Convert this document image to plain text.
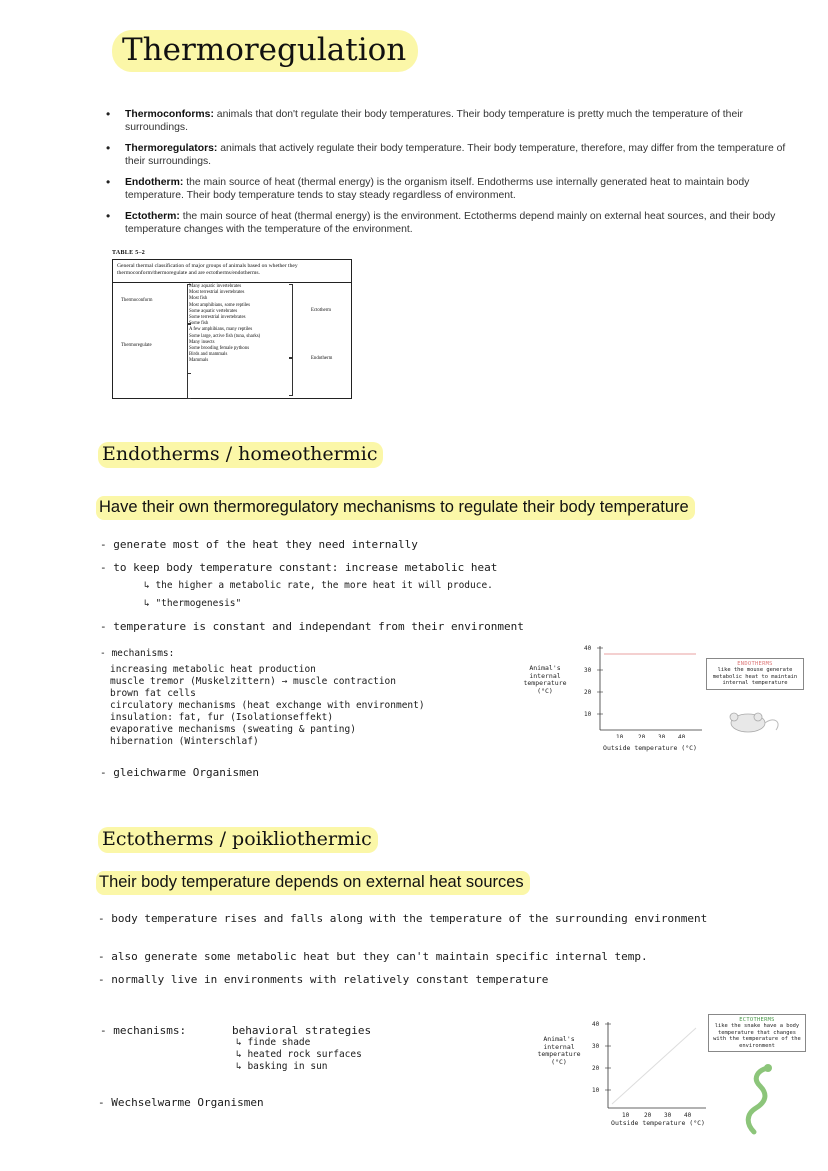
Thermoregulation
• Thermoconforms: animals that don't regulate their body temperatures. Their body temperature is pretty much the temperature of their surroundings.
• Thermoregulators: animals that actively regulate their body temperature. Their body temperature, therefore, may differ from the temperature of their surroundings.
• Endotherm: the main source of heat (thermal energy) is the organism itself. Endotherms use internally generated heat to maintain body temperature. Their body temperature tends to stay steady regardless of environment.
• Ectotherm: the main source of heat (thermal energy) is the environment. Ectotherms depend mainly on external heat sources, and their body temperature changes with the temperature of the environment.
TABLE 5–2
General thermal classification of major groups of animals based on whether they thermoconform/thermoregulate and are ectotherms/endotherms.
Thermoconform
Thermoregulate
Many aquatic invertebrates
Most terrestrial invertebrates
Most fish
Most amphibians, some reptiles
Some aquatic vertebrates
Some terrestrial invertebrates
Some fish
A few amphibians, many reptiles
Some large, active fish (tuna, sharks)
Many insects
Some brooding female pythons
Birds and mammals
Mammals
Ectotherm
Endotherm
Endotherms / homeothermic
Have their own thermoregulatory mechanisms to regulate their body temperature
- generate most of the heat they need internally
- to keep body temperature constant: increase metabolic heat
↳ the higher a metabolic rate, the more heat it will produce.
↳ "thermogenesis"
- temperature is constant and independant from their environment
- mechanisms:
increasing metabolic heat production
muscle tremor (Muskelzittern) → muscle contraction
brown fat cells
circulatory mechanisms (heat exchange with environment)
insulation: fat, fur (Isolationseffekt)
evaporative mechanisms (sweating & panting)
hibernation (Winterschlaf)
- gleichwarme Organismen
Animal's internal temperature (°C)
40
30
20
10
10 20 30 40
Outside temperature (°C)
ENDOTHERMS
like the mouse generate metabolic heat to maintain internal temperature
Ectotherms / poikliothermic
Their body temperature depends on external heat sources
- body temperature rises and falls along with the temperature of the surrounding environment
- also generate some metabolic heat but they can't maintain specific internal temp.
- normally live in environments with relatively constant temperature
- mechanisms:	behavioral strategies
↳ finde shade
↳ heated rock surfaces
↳ basking in sun
- Wechselwarme Organismen
Animal's internal temperature (°C)
40
30
20
10
10 20 30 40
Outside temperature (°C)
ECTOTHERMS
like the snake have a body temperature that changes with the temperature of the environment
